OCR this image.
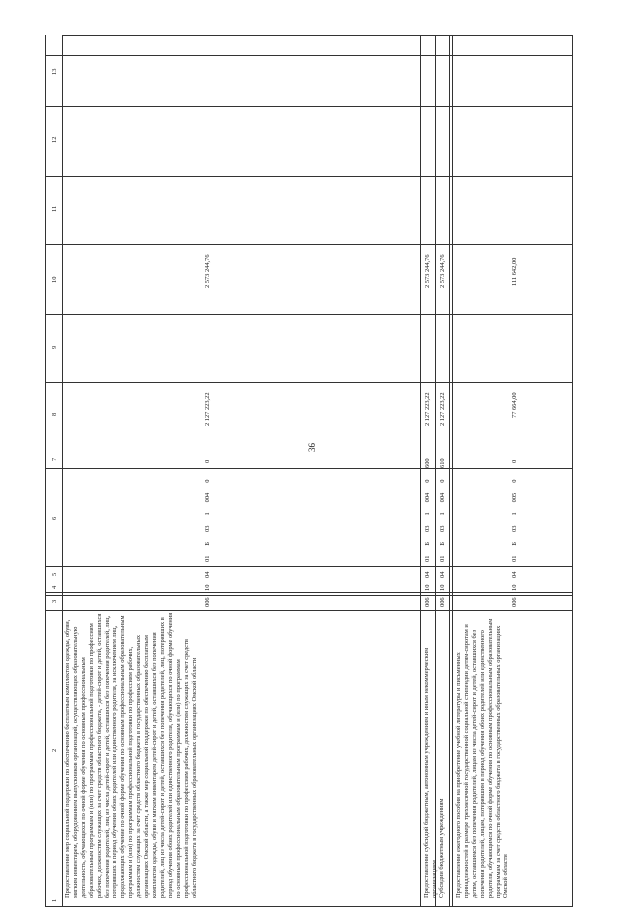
36
1
2
3
4
5
6
7
8
9
10
11
12
13
Предоставление мер социальной поддержки по обеспечению бесплатным комплектом одежды, обуви, мягким инвентарем, оборудованием выпускников организаций, осуществляющих образовательную деятельность, обучающихся по очной форме обучения по основным профессиональным образовательным программам и (или) по программам профессиональной подготовки по профессиям рабочих, должностям служащих за счет средств областного бюджета, - детей-сирот и детей, оставшихся без попечения родителей, лиц из числа детей-сирот и детей, оставшихся без попечения родителей, лиц, потерявших в период обучения обоих родителей или единственного родителя, за исключением лиц, продолжающих обучение по очной форме обучения по основным профессиональным образовательным программам и (или) по программам профессиональной подготовки по профессиям рабочих, должностям служащих за счет средств областного бюджета в государственных образовательных организациях Омской области, а также мер социальной поддержки по обеспечению бесплатным комплектом одежды, обуви и мягким инвентарем детей-сирот и детей, оставшихся без попечения родителей, лиц из числа детей-сирот и детей, оставшихся без попечения родителей, лиц, потерявших в период обучения обоих родителей или единственного родителя, обучающихся по очной форме обучения по основным профессиональным образовательным программам и (или) по программам профессиональной подготовки по профессиям рабочих, должностям служащих за счет средств областного бюджета в государственных образовательных организациях Омской области
006
10
04
01Б0310040
0
2 127 223,22
2 573 244,76
Предоставление субсидий бюджетным, автономным учреждениям и иным некоммерческим организациям
006
10
04
01Б0310040
600
2 127 223,22
2 573 244,76
Субсидии бюджетным учреждениям
006
10
04
01Б0310040
610
2 127 223,22
2 573 244,76
Предоставление ежегодного пособия на приобретение учебной литературы и письменных принадлежностей в размере трехмесячной государственной социальной стипендии детям-сиротам и детям, оставшимся без попечения родителей, лицам из числа детей-сирот и детей, оставшихся без попечения родителей, лицам, потерявшим в период обучения обоих родителей или единственного родителя, обучающимся по очной форме обучения по основным профессиональным образовательным программам за счет средств областного бюджета в государственных образовательных организациях Омской области
006
10
04
01Б0310050
0
77 664,00
111 642,00
